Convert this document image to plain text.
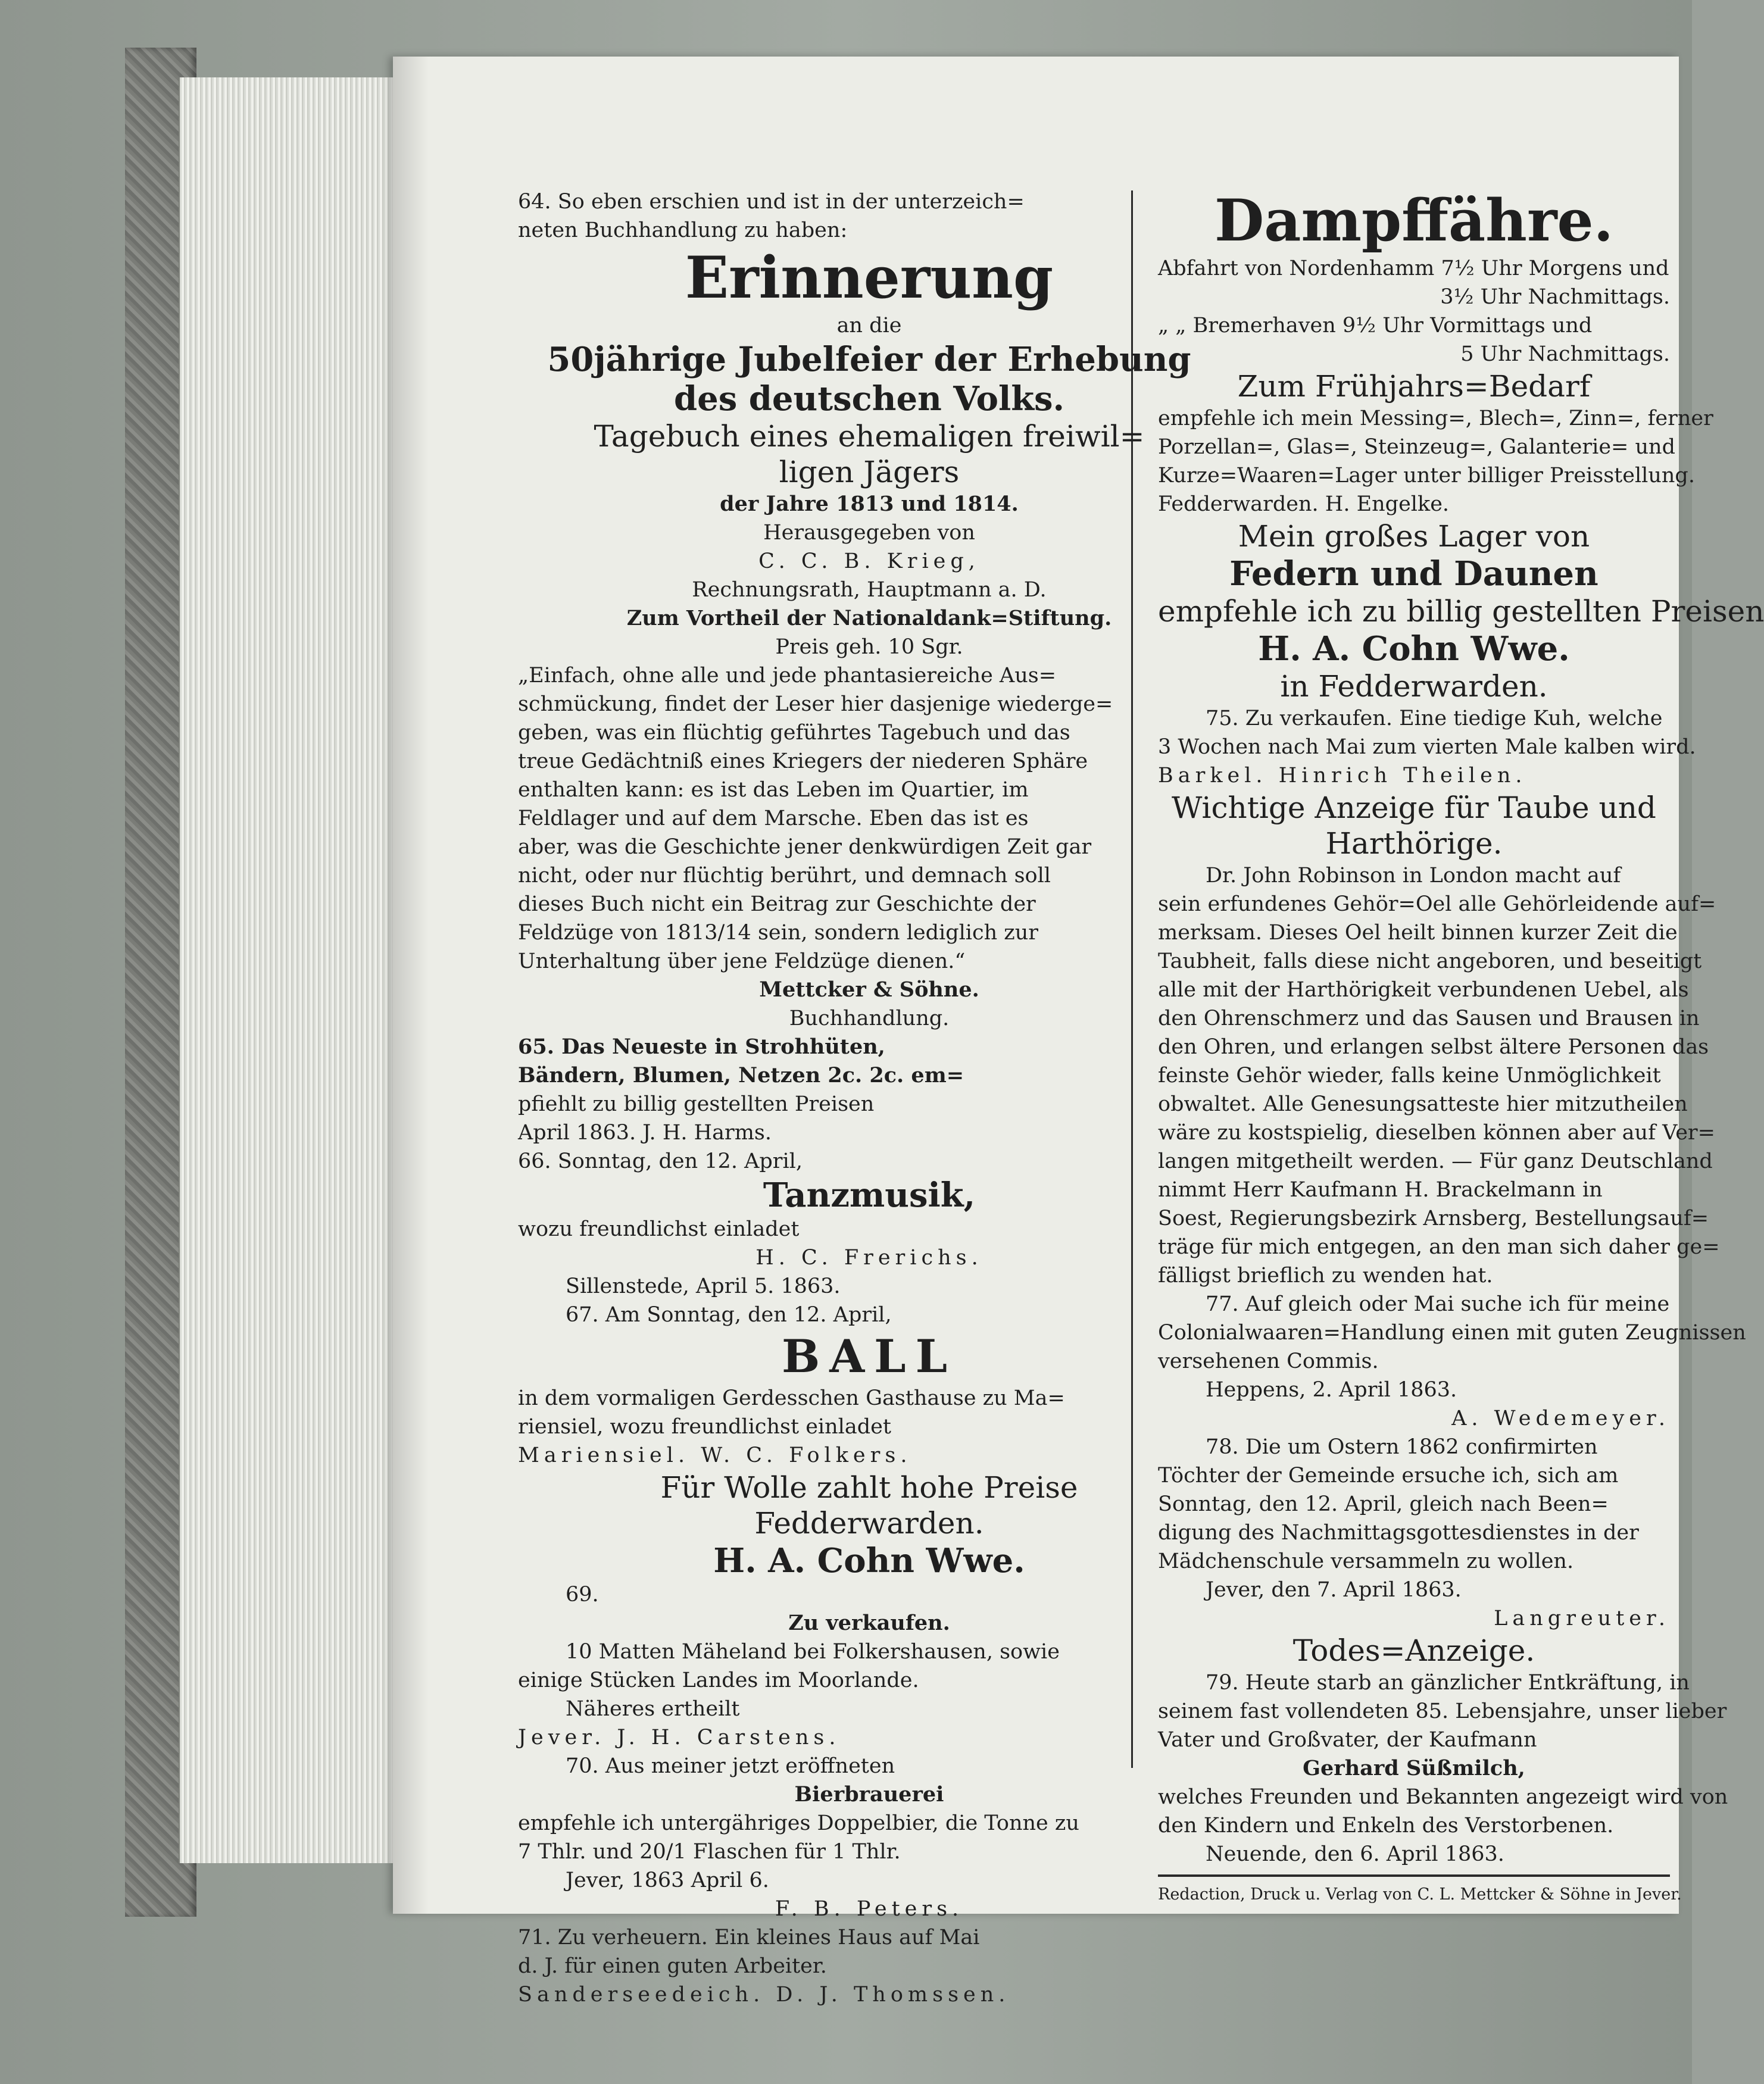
64. So eben erschien und ist in der unterzeich=
neten Buchhandlung zu haben:
Erinnerung
an die
50jährige Jubelfeier der Erhebung
des deutschen Volks.
Tagebuch eines ehemaligen freiwil=
ligen Jägers
der Jahre 1813 und 1814.
Herausgegeben von
C. C. B. Krieg,
Rechnungsrath, Hauptmann a. D.
Zum Vortheil der Nationaldank=Stiftung.
Preis geh. 10 Sgr.
„Einfach, ohne alle und jede phantasiereiche Aus=
schmückung, findet der Leser hier dasjenige wiederge=
geben, was ein flüchtig geführtes Tagebuch und das
treue Gedächtniß eines Kriegers der niederen Sphäre
enthalten kann: es ist das Leben im Quartier, im
Feldlager und auf dem Marsche. Eben das ist es
aber, was die Geschichte jener denkwürdigen Zeit gar
nicht, oder nur flüchtig berührt, und demnach soll
dieses Buch nicht ein Beitrag zur Geschichte der
Feldzüge von 1813/14 sein, sondern lediglich zur
Unterhaltung über jene Feldzüge dienen.“
Mettcker & Söhne.
Buchhandlung.
65. Das Neueste in Strohhüten,
Bändern, Blumen, Netzen 2c. 2c. em=
pfiehlt zu billig gestellten Preisen
April 1863. J. H. Harms.
66. Sonntag, den 12. April,
Tanzmusik,
wozu freundlichst einladet
H. C. Frerichs.
Sillenstede, April 5. 1863.
67. Am Sonntag, den 12. April,
BALL
in dem vormaligen Gerdesschen Gasthause zu Ma=
riensiel, wozu freundlichst einladet
Mariensiel. W. C. Folkers.
Für Wolle zahlt hohe Preise
Fedderwarden.
H. A. Cohn Wwe.
69.
Zu verkaufen.
10 Matten Mäheland bei Folkershausen, sowie
einige Stücken Landes im Moorlande.
Näheres ertheilt
Jever. J. H. Carstens.
70. Aus meiner jetzt eröffneten
Bierbrauerei
empfehle ich untergähriges Doppelbier, die Tonne zu
7 Thlr. und 20/1 Flaschen für 1 Thlr.
Jever, 1863 April 6.
F. B. Peters.
71. Zu verheuern. Ein kleines Haus auf Mai
d. J. für einen guten Arbeiter.
Sanderseedeich. D. J. Thomssen.
Dampffähre.
Abfahrt von Nordenhamm 7½ Uhr Morgens und
3½ Uhr Nachmittags.
„ „ Bremerhaven 9½ Uhr Vormittags und
5 Uhr Nachmittags.
Zum Frühjahrs=Bedarf
empfehle ich mein Messing=, Blech=, Zinn=, ferner
Porzellan=, Glas=, Steinzeug=, Galanterie= und
Kurze=Waaren=Lager unter billiger Preisstellung.
Fedderwarden. H. Engelke.
Mein großes Lager von
Federn und Daunen
empfehle ich zu billig gestellten Preisen
H. A. Cohn Wwe.
in Fedderwarden.
75. Zu verkaufen. Eine tiedige Kuh, welche
3 Wochen nach Mai zum vierten Male kalben wird.
Barkel. Hinrich Theilen.
Wichtige Anzeige für Taube und
Harthörige.
Dr. John Robinson in London macht auf
sein erfundenes Gehör=Oel alle Gehörleidende auf=
merksam. Dieses Oel heilt binnen kurzer Zeit die
Taubheit, falls diese nicht angeboren, und beseitigt
alle mit der Harthörigkeit verbundenen Uebel, als
den Ohrenschmerz und das Sausen und Brausen in
den Ohren, und erlangen selbst ältere Personen das
feinste Gehör wieder, falls keine Unmöglichkeit
obwaltet. Alle Genesungsatteste hier mitzutheilen
wäre zu kostspielig, dieselben können aber auf Ver=
langen mitgetheilt werden. — Für ganz Deutschland
nimmt Herr Kaufmann H. Brackelmann in
Soest, Regierungsbezirk Arnsberg, Bestellungsauf=
träge für mich entgegen, an den man sich daher ge=
fälligst brieflich zu wenden hat.
77. Auf gleich oder Mai suche ich für meine
Colonialwaaren=Handlung einen mit guten Zeugnissen
versehenen Commis.
Heppens, 2. April 1863.
A. Wedemeyer.
78. Die um Ostern 1862 confirmirten
Töchter der Gemeinde ersuche ich, sich am
Sonntag, den 12. April, gleich nach Been=
digung des Nachmittagsgottesdienstes in der
Mädchenschule versammeln zu wollen.
Jever, den 7. April 1863.
Langreuter.
Todes=Anzeige.
79. Heute starb an gänzlicher Entkräftung, in
seinem fast vollendeten 85. Lebensjahre, unser lieber
Vater und Großvater, der Kaufmann
Gerhard Süßmilch,
welches Freunden und Bekannten angezeigt wird von
den Kindern und Enkeln des Verstorbenen.
Neuende, den 6. April 1863.
Redaction, Druck u. Verlag von C. L. Mettcker & Söhne in Jever.
